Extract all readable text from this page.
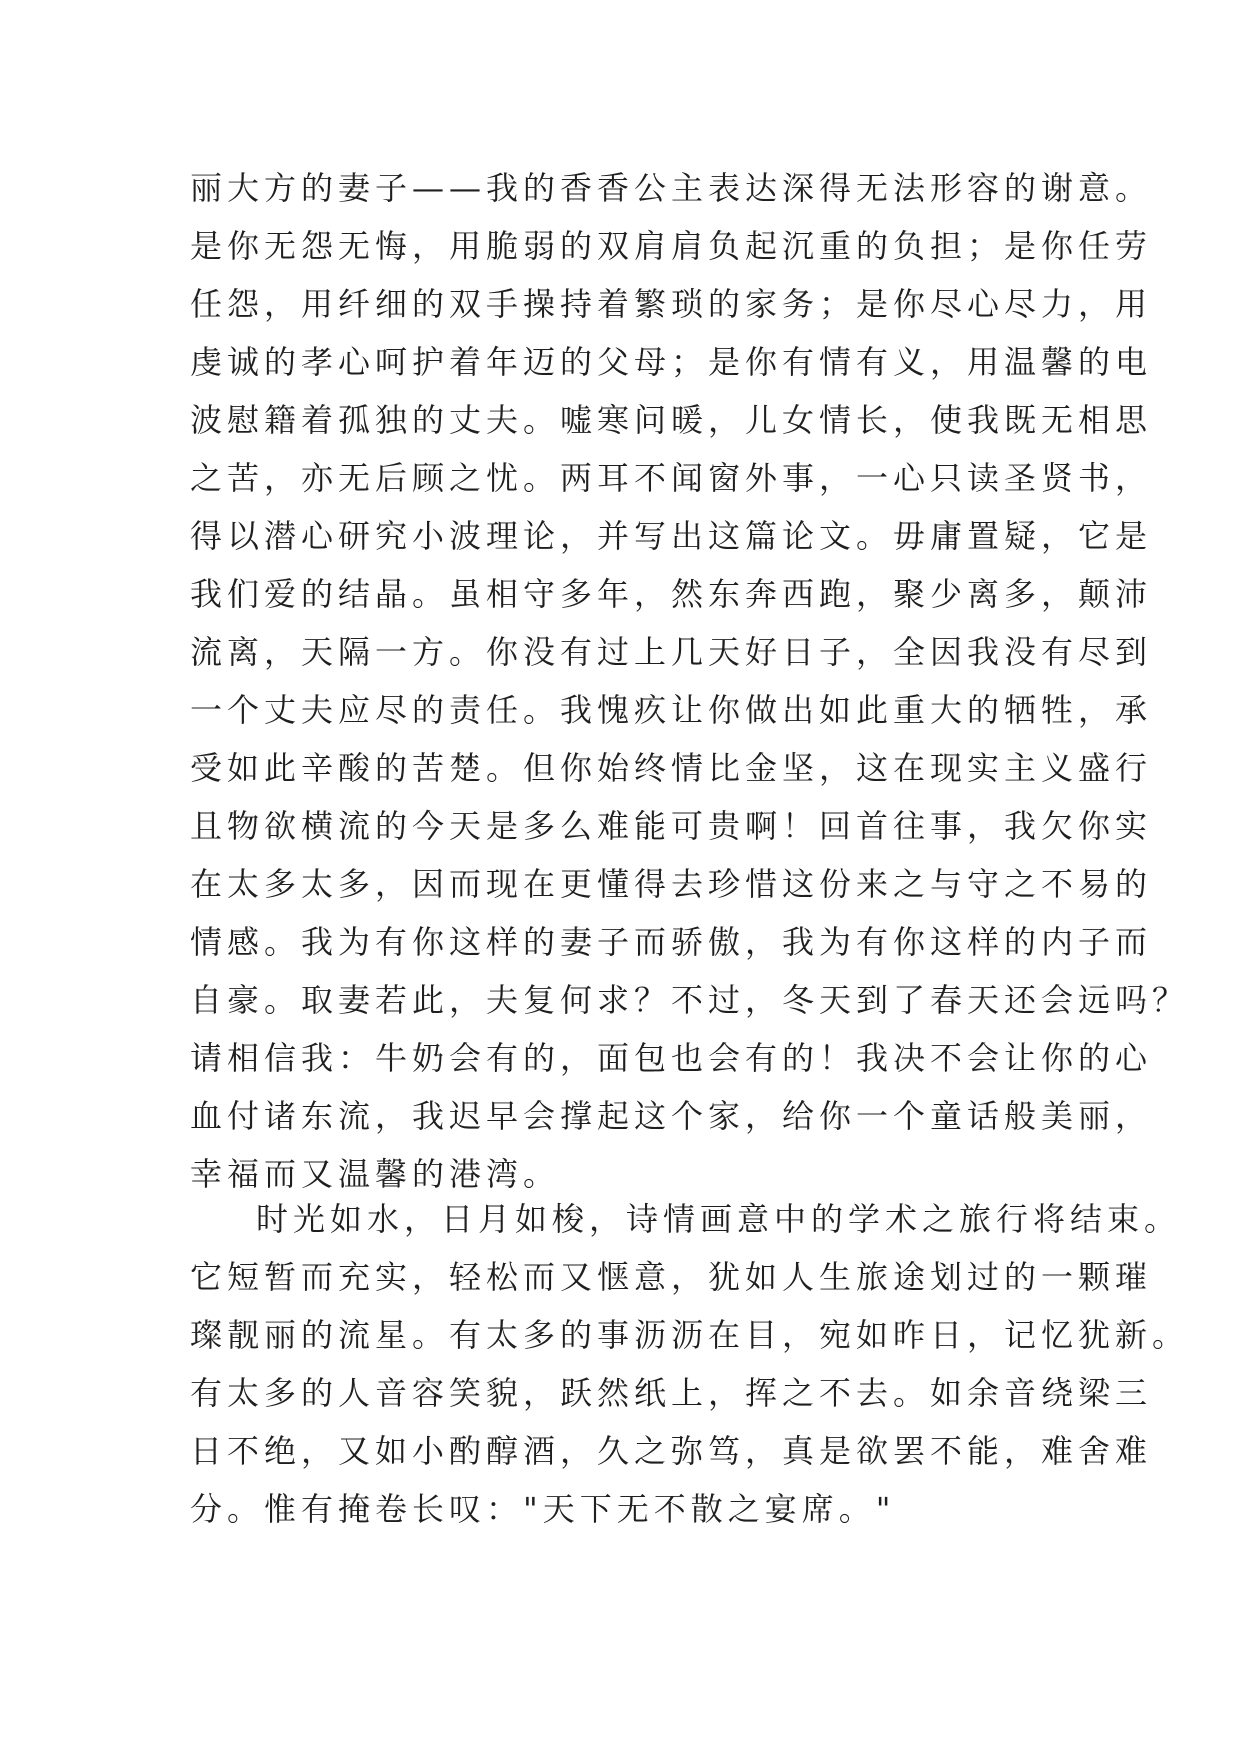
丽大方的妻子——我的香香公主表达深得无法形容的谢意。
是你无怨无悔，用脆弱的双肩肩负起沉重的负担；是你任劳
任怨，用纤细的双手操持着繁琐的家务；是你尽心尽力，用
虔诚的孝心呵护着年迈的父母；是你有情有义，用温馨的电
波慰籍着孤独的丈夫。嘘寒问暖，儿女情长，使我既无相思
之苦，亦无后顾之忧。两耳不闻窗外事，一心只读圣贤书，
得以潜心研究小波理论，并写出这篇论文。毋庸置疑，它是
我们爱的结晶。虽相守多年，然东奔西跑，聚少离多，颠沛
流离，天隔一方。你没有过上几天好日子，全因我没有尽到
一个丈夫应尽的责任。我愧疚让你做出如此重大的牺牲，承
受如此辛酸的苦楚。但你始终情比金坚，这在现实主义盛行
且物欲横流的今天是多么难能可贵啊！回首往事，我欠你实
在太多太多，因而现在更懂得去珍惜这份来之与守之不易的
情感。我为有你这样的妻子而骄傲，我为有你这样的内子而
自豪。取妻若此，夫复何求？不过，冬天到了春天还会远吗？
请相信我：牛奶会有的，面包也会有的！我决不会让你的心
血付诸东流，我迟早会撑起这个家，给你一个童话般美丽，
幸福而又温馨的港湾。
时光如水，日月如梭，诗情画意中的学术之旅行将结束。
它短暂而充实，轻松而又惬意，犹如人生旅途划过的一颗璀
璨靓丽的流星。有太多的事沥沥在目，宛如昨日，记忆犹新。
有太多的人音容笑貌，跃然纸上，挥之不去。如余音绕梁三
日不绝，又如小酌醇酒，久之弥笃，真是欲罢不能，难舍难
分。惟有掩卷长叹："天下无不散之宴席。"
